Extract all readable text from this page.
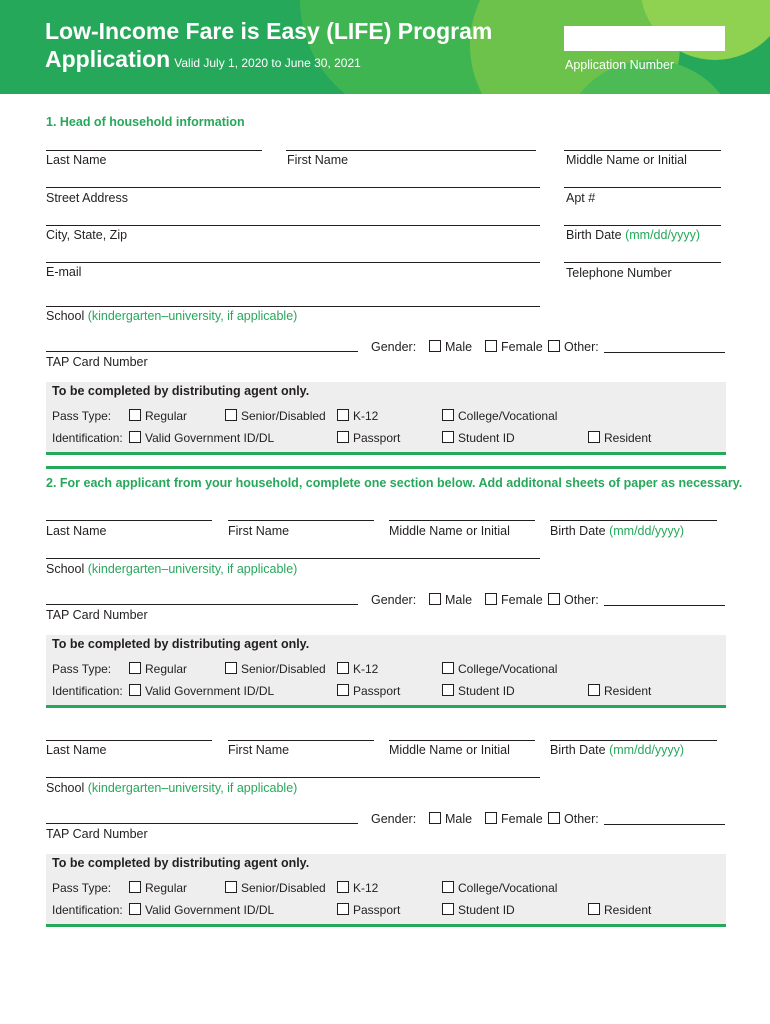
Low-Income Fare is Easy (LIFE) Program
Application Valid July 1, 2020 to June 30, 2021	Application Number
1. Head of household information
Last Name	First Name	Middle Name or Initial
Street Address	Apt #
City, State, Zip	Birth Date (mm/dd/yyyy)
E-mail	Telephone Number
School (kindergarten–university, if applicable)
TAP Card Number
Gender:	Male	Female	Other:
To be completed by distributing agent only.
Pass Type:	Regular	Senior/Disabled	K-12	College/Vocational
Identification:	Valid Government ID/DL	Passport	Student ID	Resident
2. For each applicant from your household, complete one section below. Add additonal sheets of paper as necessary.
Last Name	First Name	Middle Name or Initial	Birth Date (mm/dd/yyyy)
School (kindergarten–university, if applicable)
TAP Card Number
Gender:	Male	Female	Other:
To be completed by distributing agent only.
Pass Type:	Regular	Senior/Disabled	K-12	College/Vocational
Identification:	Valid Government ID/DL	Passport	Student ID	Resident
Last Name	First Name	Middle Name or Initial	Birth Date (mm/dd/yyyy)
School (kindergarten–university, if applicable)
TAP Card Number
Gender:	Male	Female	Other:
To be completed by distributing agent only.
Pass Type:	Regular	Senior/Disabled	K-12	College/Vocational
Identification:	Valid Government ID/DL	Passport	Student ID	Resident
